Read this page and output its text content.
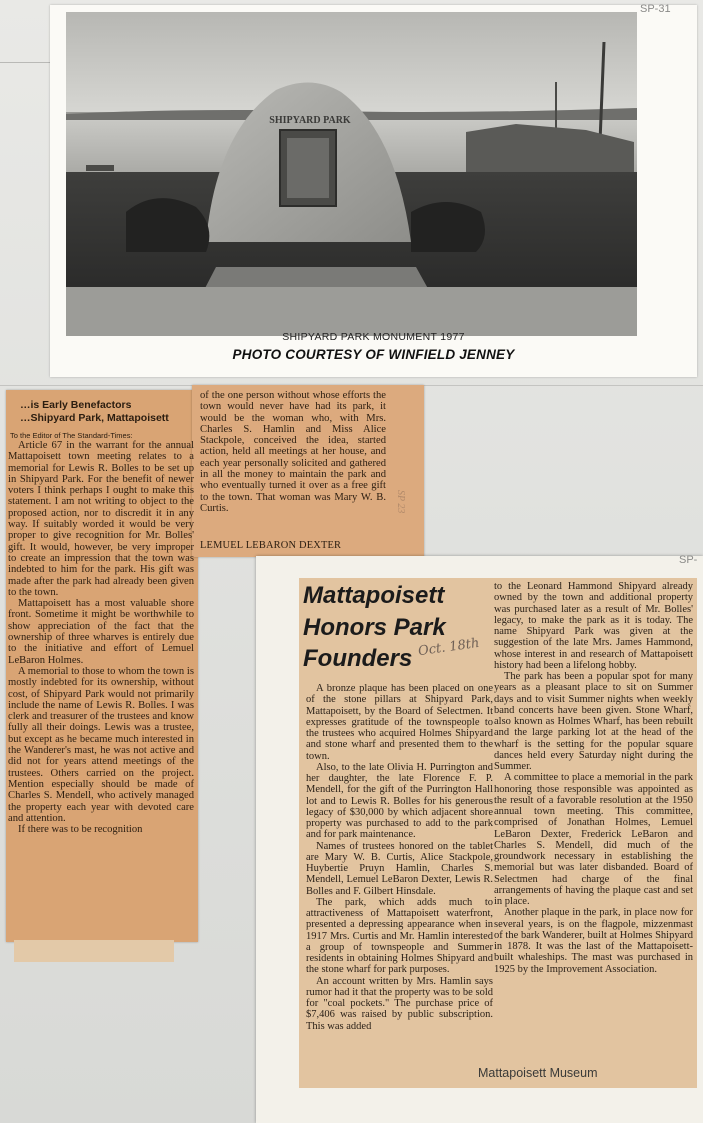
SP-31
SHIPYARD PARK
SHIPYARD PARK MONUMENT 1977
PHOTO COURTESY OF WINFIELD JENNEY
…is Early Benefactors
…Shipyard Park, Mattapoisett
To the Editor of The Standard-Times:

Article 67 in the warrant for the annual Mattapoisett town meeting relates to a memorial for Lewis R. Bolles to be set up in Shipyard Park. For the benefit of newer voters I think perhaps I ought to make this statement. I am not writing to object to the proposed action, nor to discredit it in any way. If suitably worded it would be very proper to give recognition for Mr. Bolles' gift. It would, however, be very improper to create an impression that the town was indebted to him for the park. His gift was made after the park had already been given to the town.

Mattapoisett has a most valuable shore front. Sometime it might be worthwhile to show appreciation of the fact that the ownership of three wharves is entirely due to the initiative and effort of Lemuel LeBaron Holmes.

A memorial to those to whom the town is mostly indebted for its ownership, without cost, of Shipyard Park would not primarily include the name of Lewis R. Bolles. I was clerk and treasurer of the trustees and know fully all their doings. Lewis was a trustee, but except as he became much interested in the Wanderer's mast, he was not active and did not for years attend meetings of the trustees. Others carried on the project. Mention especially should be made of Charles S. Mendell, who actively managed the property each year with devoted care and attention.

If there was to be recognition

of the one person without whose efforts the town would never have had its park, it would be the woman who, with Mrs. Charles S. Hamlin and Miss Alice Stackpole, conceived the idea, started action, held all meetings at her house, and each year personally solicited and gathered in all the money to maintain the park and who eventually turned it over as a free gift to the town. That woman was Mary W. B. Curtis.

LEMUEL LEBARON DEXTER
SP 23
SP-
Mattapoisett
Honors Park
Founders Oct. 18th

A bronze plaque has been placed on one of the stone pillars at Shipyard Park, Mattapoisett, by the Board of Selectmen. It expresses gratitude of the townspeople to the trustees who acquired Holmes Shipyard and stone wharf and presented them to the town.

Also, to the late Olivia H. Purrington and her daughter, the late Florence F. P. Mendell, for the gift of the Purrington Hall lot and to Lewis R. Bolles for his generous legacy of $30,000 by which adjacent shore property was purchased to add to the park and for park maintenance.

Names of trustees honored on the tablet are Mary W. B. Curtis, Alice Stackpole, Huybertie Pruyn Hamlin, Charles S. Mendell, Lemuel LeBaron Dexter, Lewis R. Bolles and F. Gilbert Hinsdale.

The park, which adds much to attractiveness of Mattapoisett waterfront, presented a depressing appearance when in 1917 Mrs. Curtis and Mr. Hamlin interested a group of townspeople and Summer residents in obtaining Holmes Shipyard and the stone wharf for park purposes.

An account written by Mrs. Hamlin says rumor had it that the property was to be sold for "coal pockets." The purchase price of $7,406 was raised by public subscription. This was added

to the Leonard Hammond Shipyard already owned by the town and additional property was purchased later as a result of Mr. Bolles' legacy, to make the park as it is today. The name Shipyard Park was given at the suggestion of the late Mrs. James Hammond, whose interest in and research of Mattapoisett history had been a lifelong hobby.

The park has been a popular spot for many years as a pleasant place to sit on Summer days and to visit Summer nights when weekly band concerts have been given. Stone Wharf, also known as Holmes Wharf, has been rebuilt and the large parking lot at the head of the wharf is the setting for the popular square dances held every Saturday night during the Summer.

A committee to place a memorial in the park honoring those responsible was appointed as the result of a favorable resolution at the 1950 annual town meeting. This committee, comprised of Jonathan Holmes, Lemuel LeBaron Dexter, Frederick LeBaron and Charles S. Mendell, did much of the groundwork necessary in establishing the memorial but was later disbanded. Board of Selectmen had charge of the final arrangements of having the plaque cast and set in place.

Another plaque in the park, in place now for several years, is on the flagpole, mizzenmast of the bark Wanderer, built at Holmes Shipyard in 1878. It was the last of the Mattapoisett-built whaleships. The mast was purchased in 1925 by the Improvement Association.

Mattapoisett Museum
